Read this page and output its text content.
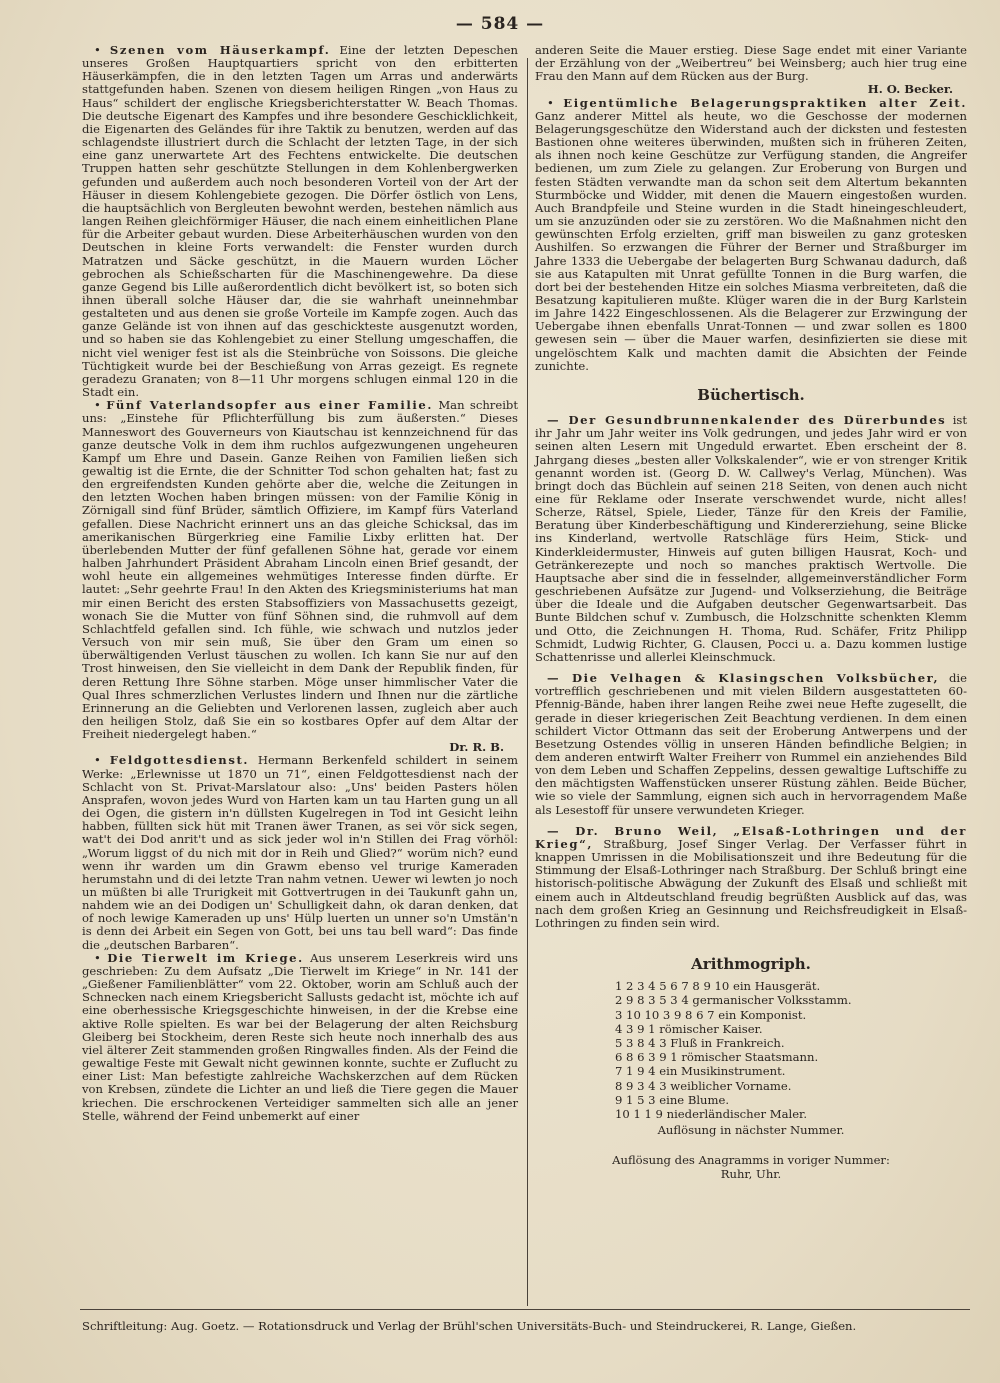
— 584 —

• Szenen vom Häuserkampf. Eine der letzten Depeschen unseres Großen Hauptquartiers spricht von den erbitterten Häuserkämpfen, die in den letzten Tagen um Arras und anderwärts stattgefunden haben. Szenen von diesem heiligen Ringen „von Haus zu Haus“ schildert der englische Kriegsberichterstatter W. Beach Thomas. Die deutsche Eigenart des Kampfes und ihre besondere Geschicklichkeit, die Eigenarten des Geländes für ihre Taktik zu benutzen, werden auf das schlagendste illustriert durch die Schlacht der letzten Tage, in der sich eine ganz unerwartete Art des Fechtens entwickelte. Die deutschen Truppen hatten sehr geschützte Stellungen in dem Kohlenbergwerken gefunden und außerdem auch noch besonderen Vorteil von der Art der Häuser in diesem Kohlengebiete gezogen. Die Dörfer östlich von Lens, die hauptsächlich von Bergleuten bewohnt werden, bestehen nämlich aus langen Reihen gleichförmiger Häuser, die nach einem einheitlichen Plane für die Arbeiter gebaut wurden. Diese Arbeiterhäuschen wurden von den Deutschen in kleine Forts verwandelt: die Fenster wurden durch Matratzen und Säcke geschützt, in die Mauern wurden Löcher gebrochen als Schießscharten für die Maschinengewehre. Da diese ganze Gegend bis Lille außerordentlich dicht bevölkert ist, so boten sich ihnen überall solche Häuser dar, die sie wahrhaft uneinnehmbar gestalteten und aus denen sie große Vorteile im Kampfe zogen. Auch das ganze Gelände ist von ihnen auf das geschickteste ausgenutzt worden, und so haben sie das Kohlengebiet zu einer Stellung umgeschaffen, die nicht viel weniger fest ist als die Steinbrüche von Soissons. Die gleiche Tüchtigkeit wurde bei der Beschießung von Arras gezeigt. Es regnete geradezu Granaten; von 8—11 Uhr morgens schlugen einmal 120 in die Stadt ein.

• Fünf Vaterlandsopfer aus einer Familie. Man schreibt uns: „Einstehe für Pflichterfüllung bis zum äußersten.“ Dieses Manneswort des Gouverneurs von Kiautschau ist kennzeichnend für das ganze deutsche Volk in dem ihm ruchlos aufgezwungenen ungeheuren Kampf um Ehre und Dasein. Ganze Reihen von Familien ließen sich gewaltig ist die Ernte, die der Schnitter Tod schon gehalten hat; fast zu den ergreifendsten Kunden gehörte aber die, welche die Zeitungen in den letzten Wochen haben bringen müssen: von der Familie König in Zörnigall sind fünf Brüder, sämtlich Offiziere, im Kampf fürs Vaterland gefallen. Diese Nachricht erinnert uns an das gleiche Schicksal, das im amerikanischen Bürgerkrieg eine Familie Lixby erlitten hat. Der überlebenden Mutter der fünf gefallenen Söhne hat, gerade vor einem halben Jahrhundert Präsident Abraham Lincoln einen Brief gesandt, der wohl heute ein allgemeines wehmütiges Interesse finden dürfte. Er lautet: „Sehr geehrte Frau! In den Akten des Kriegsministeriums hat man mir einen Bericht des ersten Stabsoffiziers von Massachusetts gezeigt, wonach Sie die Mutter von fünf Söhnen sind, die ruhmvoll auf dem Schlachtfeld gefallen sind. Ich fühle, wie schwach und nutzlos jeder Versuch von mir sein muß, Sie über den Gram um einen so überwältigenden Verlust täuschen zu wollen. Ich kann Sie nur auf den Trost hinweisen, den Sie vielleicht in dem Dank der Republik finden, für deren Rettung Ihre Söhne starben. Möge unser himmlischer Vater die Qual Ihres schmerzlichen Verlustes lindern und Ihnen nur die zärtliche Erinnerung an die Geliebten und Verlorenen lassen, zugleich aber auch den heiligen Stolz, daß Sie ein so kostbares Opfer auf dem Altar der Freiheit niedergelegt haben.“

Dr. R. B.

• Feldgottesdienst. Hermann Berkenfeld schildert in seinem Werke: „Erlewnisse ut 1870 un 71“, einen Feldgottesdienst nach der Schlacht von St. Privat-Marslatour also: „Uns' beiden Pasters hölen Ansprafen, wovon jedes Wurd von Harten kam un tau Harten gung un all dei Ogen, die gistern in'n düllsten Kugelregen in Tod int Gesicht leihn habben, füllten sick hüt mit Tranen äwer Tranen, as sei vör sick segen, wat't dei Dod anrit't und as sick jeder wol in'n Stillen dei Frag vörhöl: „Worum liggst of du nich mit dor in Reih und Glied?“ worüm nich? eund wenn ihr warden um din Grawm ebenso vel trurige Kameraden herumstahn und di dei letzte Tran nahm vetnen. Uewer wi lewten jo noch un müßten bi alle Trurigkeit mit Gottvertrugen in dei Taukunft gahn un, nahdem wie an dei Dodigen un' Schulligkeit dahn, ok daran denken, dat of noch lewige Kameraden up uns' Hülp luerten un unner so'n Umstän'n is denn dei Arbeit ein Segen von Gott, bei uns tau bell ward“: Das finde die „deutschen Barbaren“.

• Die Tierwelt im Kriege. Aus unserem Leserkreis wird uns geschrieben: Zu dem Aufsatz „Die Tierwelt im Kriege“ in Nr. 141 der „Gießener Familienblätter“ vom 22. Oktober, worin am Schluß auch der Schnecken nach einem Kriegsbericht Sallusts gedacht ist, möchte ich auf eine oberhessische Kriegsgeschichte hinweisen, in der die Krebse eine aktive Rolle spielten. Es war bei der Belagerung der alten Reichsburg Gleiberg bei Stockheim, deren Reste sich heute noch innerhalb des aus viel älterer Zeit stammenden großen Ringwalles finden. Als der Feind die gewaltige Feste mit Gewalt nicht gewinnen konnte, suchte er Zuflucht zu einer List: Man befestigte zahlreiche Wachskerzchen auf dem Rücken von Krebsen, zündete die Lichter an und ließ die Tiere gegen die Mauer kriechen. Die erschrockenen Verteidiger sammelten sich alle an jener Stelle, während der Feind unbemerkt auf einer

anderen Seite die Mauer erstieg. Diese Sage endet mit einer Variante der Erzählung von der „Weibertreu“ bei Weinsberg; auch hier trug eine Frau den Mann auf dem Rücken aus der Burg.

H. O. Becker.

• Eigentümliche Belagerungspraktiken alter Zeit. Ganz anderer Mittel als heute, wo die Geschosse der modernen Belagerungsgeschütze den Widerstand auch der dicksten und festesten Bastionen ohne weiteres überwinden, mußten sich in früheren Zeiten, als ihnen noch keine Geschütze zur Verfügung standen, die Angreifer bedienen, um zum Ziele zu gelangen. Zur Eroberung von Burgen und festen Städten verwandte man da schon seit dem Altertum bekannten Sturmböcke und Widder, mit denen die Mauern eingestoßen wurden. Auch Brandpfeile und Steine wurden in die Stadt hineingeschleudert, um sie anzuzünden oder sie zu zerstören. Wo die Maßnahmen nicht den gewünschten Erfolg erzielten, griff man bisweilen zu ganz grotesken Aushilfen. So erzwangen die Führer der Berner und Straßburger im Jahre 1333 die Uebergabe der belagerten Burg Schwanau dadurch, daß sie aus Katapulten mit Unrat gefüllte Tonnen in die Burg warfen, die dort bei der bestehenden Hitze ein solches Miasma verbreiteten, daß die Besatzung kapitulieren mußte. Klüger waren die in der Burg Karlstein im Jahre 1422 Eingeschlossenen. Als die Belagerer zur Erzwingung der Uebergabe ihnen ebenfalls Unrat-Tonnen — und zwar sollen es 1800 gewesen sein — über die Mauer warfen, desinfizierten sie diese mit ungelöschtem Kalk und machten damit die Absichten der Feinde zunichte.

Büchertisch.

— Der Gesundbrunnenkalender des Dürerbundes ist ihr Jahr um Jahr weiter ins Volk gedrungen, und jedes Jahr wird er von seinen alten Lesern mit Ungeduld erwartet. Eben erscheint der 8. Jahrgang dieses „besten aller Volkskalender“, wie er von strenger Kritik genannt worden ist. (Georg D. W. Callwey's Verlag, München). Was bringt doch das Büchlein auf seinen 218 Seiten, von denen auch nicht eine für Reklame oder Inserate verschwendet wurde, nicht alles! Scherze, Rätsel, Spiele, Lieder, Tänze für den Kreis der Familie, Beratung über Kinderbeschäftigung und Kindererziehung, seine Blicke ins Kinderland, wertvolle Ratschläge fürs Heim, Stick- und Kinderkleidermuster, Hinweis auf guten billigen Hausrat, Koch- und Getränkerezepte und noch so manches praktisch Wertvolle. Die Hauptsache aber sind die in fesselnder, allgemeinverständlicher Form geschriebenen Aufsätze zur Jugend- und Volkserziehung, die Beiträge über die Ideale und die Aufgaben deutscher Gegenwartsarbeit. Das Bunte Bildchen schuf v. Zumbusch, die Holzschnitte schenkten Klemm und Otto, die Zeichnungen H. Thoma, Rud. Schäfer, Fritz Philipp Schmidt, Ludwig Richter, G. Clausen, Pocci u. a. Dazu kommen lustige Schattenrisse und allerlei Kleinschmuck.

— Die Velhagen & Klasingschen Volksbücher, die vortrefflich geschriebenen und mit vielen Bildern ausgestatteten 60-Pfennig-Bände, haben ihrer langen Reihe zwei neue Hefte zugesellt, die gerade in dieser kriegerischen Zeit Beachtung verdienen. In dem einen schildert Victor Ottmann das seit der Eroberung Antwerpens und der Besetzung Ostendes völlig in unseren Händen befindliche Belgien; in dem anderen entwirft Walter Freiherr von Rummel ein anziehendes Bild von dem Leben und Schaffen Zeppelins, dessen gewaltige Luftschiffe zu den mächtigsten Waffenstücken unserer Rüstung zählen. Beide Bücher, wie so viele der Sammlung, eignen sich auch in hervorragendem Maße als Lesestoff für unsere verwundeten Krieger.

— Dr. Bruno Weil, „Elsaß-Lothringen und der Krieg“, Straßburg, Josef Singer Verlag. Der Verfasser führt in knappen Umrissen in die Mobilisationszeit und ihre Bedeutung für die Stimmung der Elsaß-Lothringer nach Straßburg. Der Schluß bringt eine historisch-politische Abwägung der Zukunft des Elsaß und schließt mit einem auch in Altdeutschland freudig begrüßten Ausblick auf das, was nach dem großen Krieg an Gesinnung und Reichsfreudigkeit in Elsaß-Lothringen zu finden sein wird.

Arithmogriph.
1 2 3 4 5 6 7 8 9 10 ein Hausgerät.
2 9 8 3 5 3 4 germanischer Volksstamm.
3 10 10 3 9 8 6 7 ein Komponist.
4 3 9 1 römischer Kaiser.
5 3 8 4 3 Fluß in Frankreich.
6 8 6 3 9 1 römischer Staatsmann.
7 1 9 4 ein Musikinstrument.
8 9 3 4 3 weiblicher Vorname.
9 1 5 3 eine Blume.
10 1 1 9 niederländischer Maler.
Auflösung in nächster Nummer.
Auflösung des Anagramms in voriger Nummer:
Ruhr, Uhr.
Schriftleitung: Aug. Goetz. — Rotationsdruck und Verlag der Brühl'schen Universitäts-Buch- und Steindruckerei, R. Lange, Gießen.
